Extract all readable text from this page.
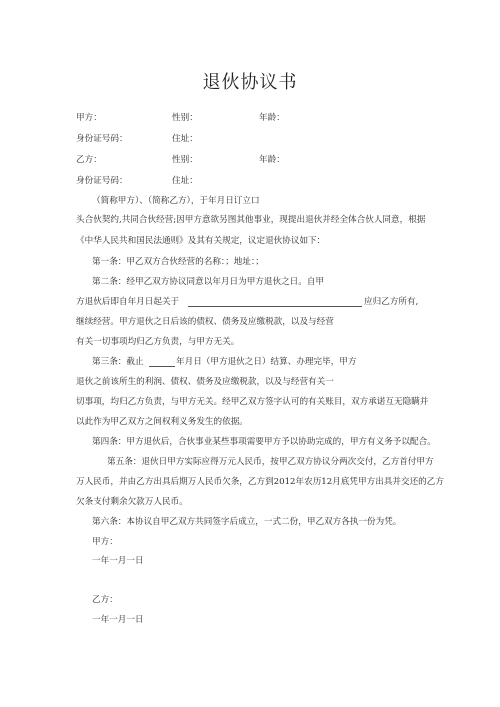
退伙协议书
甲方：	性别：	年龄：
身份证号码：	住址：
乙方：	性别：	年龄：
身份证号码：	住址：
（简称甲方）、（简称乙方），于年月日订立口
头合伙契约,共同合伙经营;因甲方意欲另图其他事业，现提出退伙并经全体合伙人同意，根据
《中华人民共和国民法通则》及其有关规定，议定退伙协议如下：
第一条：甲乙双方合伙经营的名称：；地址：；
第二条：经甲乙双方协议同意以年月日为甲方退伙之日。自甲
方退伙后即自年月日起关于	应归乙方所有,
继续经营。甲方退伙之日后该的债权、债务及应缴税款，以及与经营
有关一切事项均归乙方负责，与甲方无关。
第三条：截止	年月日（甲方退伙之日）结算、办理完毕，甲方
退伙之前该所生的利润、债权、债务及应缴税款，以及与经营有关一
切事项，均归乙方负责，与甲方无关。经甲乙双方签字认可的有关账目，双方承诺互无隐瞒并
以此作为甲乙双方之间权利义务发生的依据。
第四条：甲方退伙后，合伙事业某些事项需要甲方予以协助完成的，甲方有义务予以配合。
第五条：退伙日甲方实际应得万元人民币，按甲乙双方协议分两次交付，乙方首付甲方
万人民币，并由乙方出具后期万人民币欠条，乙方到2012年农历12月底凭甲方出具并交还的乙方
欠条支付剩余欠款万人民币。
第六条：本协议自甲乙双方共同签字后成立，一式二份，甲乙双方各执一份为凭。
甲方：
一年一月一日
乙方：
一年一月一日
